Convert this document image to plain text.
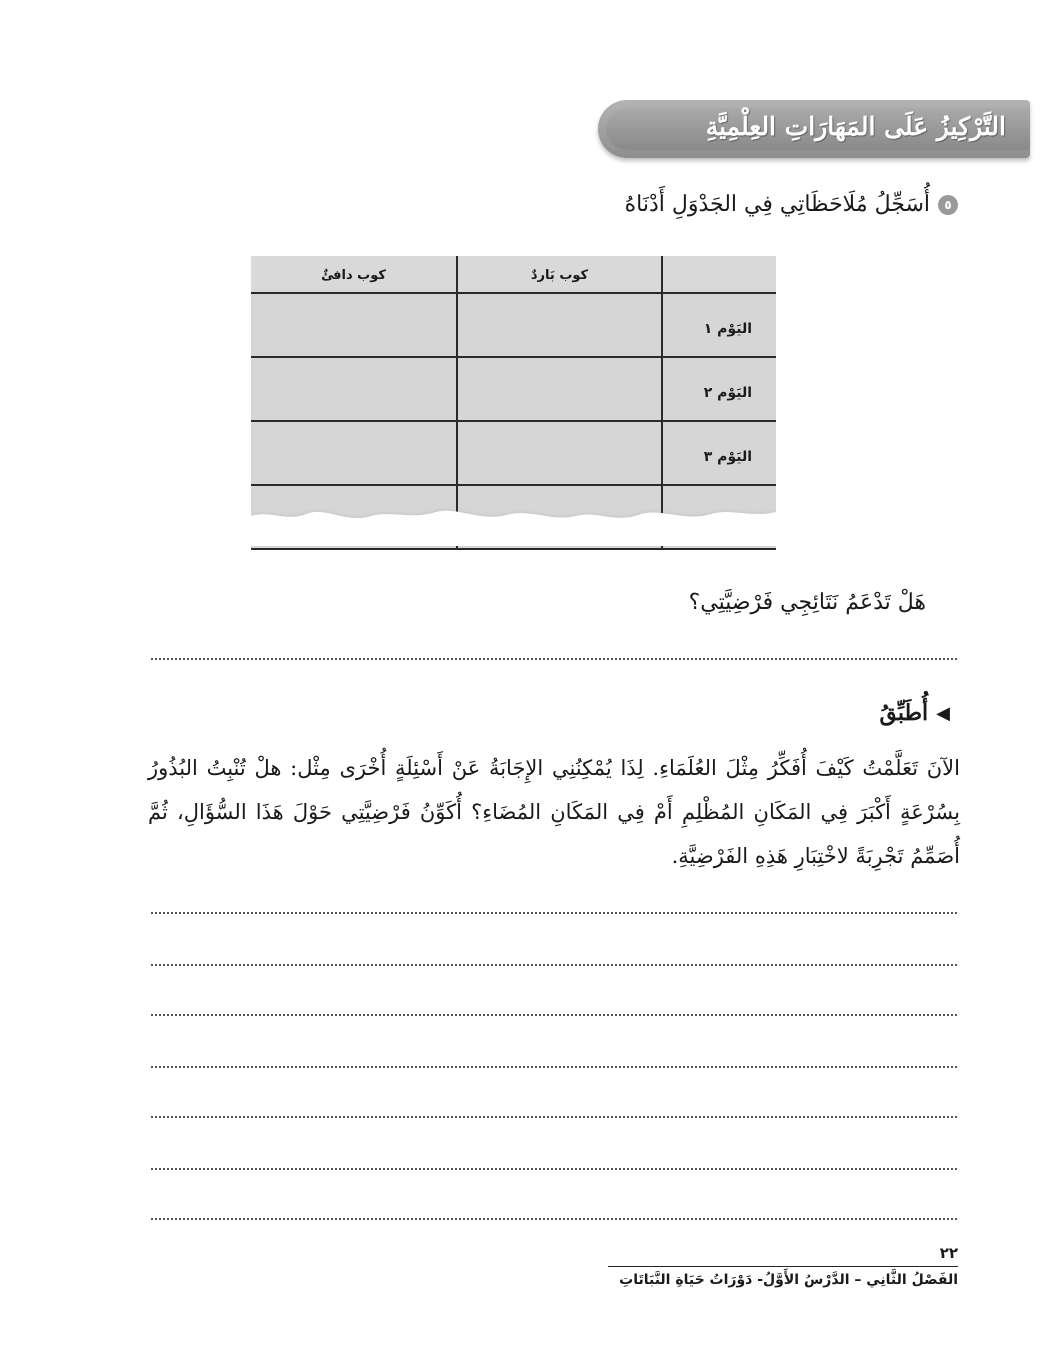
التَّرْكِيزُ عَلَى المَهَارَاتِ العِلْمِيَّةِ
٥
أُسَجِّلُ مُلَاحَظَاتِي فِي الجَدْوَلِ أَدْنَاهُ
	كوب بَاردٌ	كوب دافئٌ
اليَوْم ١		
اليَوْم ٢		
اليَوْم ٣		

هَلْ تَدْعَمُ نَتَائِجِي فَرْضِيَّتِي؟
◀
أُطَبِّقُ
الآنَ تَعَلَّمْتُ كَيْفَ أُفَكِّرُ مِثْلَ العُلَمَاءِ. لِذَا يُمْكِنُنِي الإِجَابَةُ عَنْ أَسْئِلَةٍ أُخْرَى مِثْل: هلْ تُنْبِتُ البُذُورُ بِسُرْعَةٍ أَكْبَرَ فِي المَكَانِ المُظْلِمِ أَمْ فِي المَكَانِ المُضَاءِ؟ أُكَوِّنُ فَرْضِيَّتِي حَوْلَ هَذَا السُّؤَالِ، ثُمَّ أُصَمِّمُ تَجْرِبَةً لاخْتِبَارِ هَذِهِ الفَرْضِيَّةِ.
٢٢
الفَصْلُ الثَّانِي – الدَّرْسُ الأَوَّلُ- دَوْرَاتُ حَيَاةِ النَّبَاتَاتِ
